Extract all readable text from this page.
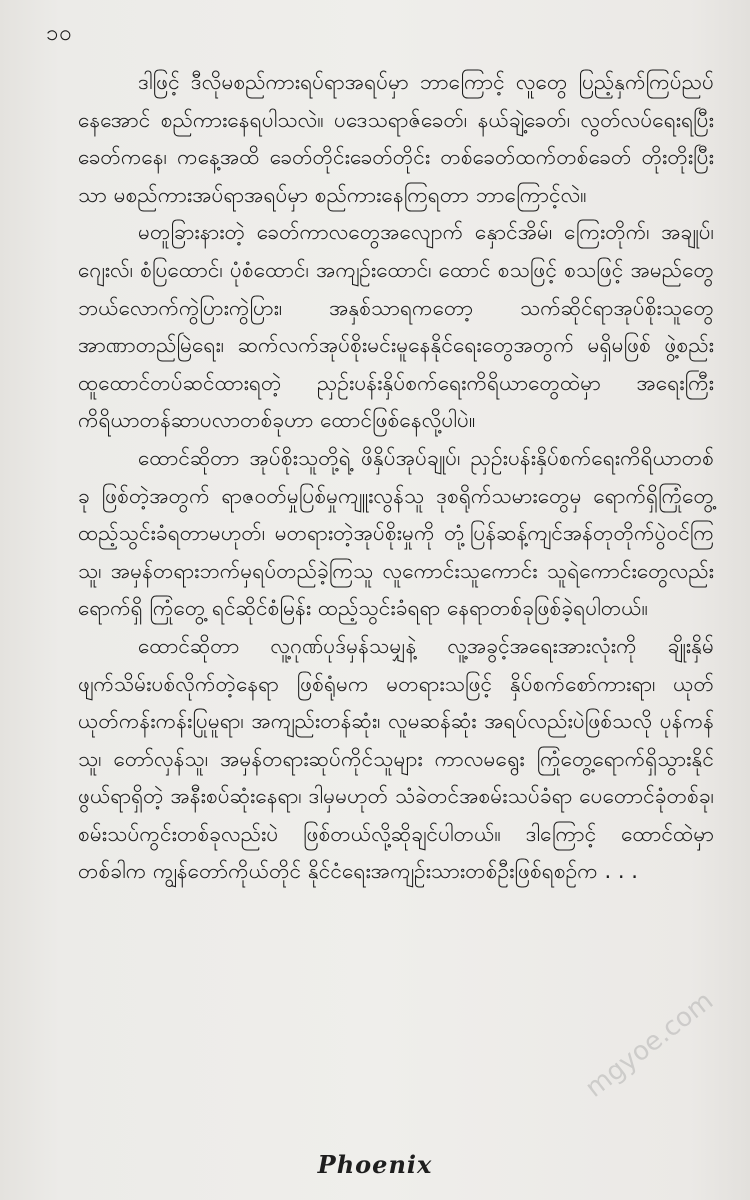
၁၀

ဒါဖြင့် ဒီလိုမစည်ကားရပ်ရာအရပ်မှာ ဘာကြောင့် လူတွေ ပြည့်နှက်ကြပ်ညပ်နေအောင် စည်ကားနေရပါသလဲ။ ပဒေသရာဇ်ခေတ်၊ နယ်ချဲ့ခေတ်၊ လွတ်လပ်ရေးရပြီးခေတ်ကနေ၊ ကနေ့အထိ ခေတ်တိုင်းခေတ်တိုင်း တစ်ခေတ်ထက်တစ်ခေတ် တိုးတိုးပြီးသာ မစည်ကားအပ်ရာအရပ်မှာ စည်ကားနေကြရတာ ဘာကြောင့်လဲ။

မတူခြားနားတဲ့ ခေတ်ကာလတွေအလျောက် နှောင်အိမ်၊ ကြေးတိုက်၊ အချုပ်၊ ဂျေးလ်၊ စံပြထောင်၊ ပုံစံထောင်၊ အကျဉ်းထောင်၊ ထောင် စသဖြင့် စသဖြင့် အမည်တွေဘယ်လောက်ကွဲပြားကွဲပြား၊ အနှစ်သာရကတော့ သက်ဆိုင်ရာအုပ်စိုးသူတွေ အာဏာတည်မြဲရေး၊ ဆက်လက်အုပ်စိုးမင်းမူနေနိုင်ရေးတွေအတွက် မရှိမဖြစ် ဖွဲ့စည်းထူထောင်တပ်ဆင်ထားရတဲ့ ညှဉ်းပန်းနှိပ်စက်ရေးကိရိယာတွေထဲမှာ အရေးကြီး ကိရိယာတန်ဆာပလာတစ်ခုဟာ ထောင်ဖြစ်နေလို့ပါပဲ။

ထောင်ဆိုတာ အုပ်စိုးသူတို့ရဲ့ ဖိနှိပ်အုပ်ချုပ်၊ ညှဉ်းပန်းနှိပ်စက်ရေးကိရိယာတစ်ခု ဖြစ်တဲ့အတွက် ရာဇဝတ်မှုပြစ်မှုကျူးလွန်သူ ဒုစရိုက်သမားတွေမှ ရောက်ရှိကြုံတွေ့ ထည့်သွင်းခံရတာမဟုတ်၊ မတရားတဲ့အုပ်စိုးမှုကို တုံ့ပြန်ဆန့်ကျင်အန်တုတိုက်ပွဲဝင်ကြသူ၊ အမှန်တရားဘက်မှရပ်တည်ခဲ့ကြသူ လူကောင်းသူကောင်း သူရဲကောင်းတွေလည်း ရောက်ရှိ ကြုံတွေ့ ရင်ဆိုင်စံမြန်း ထည့်သွင်းခံရရာ နေရာတစ်ခုဖြစ်ခဲ့ရပါတယ်။

ထောင်ဆိုတာ လူ့ဂုဏ်ပုဒ်မှန်သမျှနဲ့ လူ့အခွင့်အရေးအားလုံးကို ချိုးနှိမ်ဖျက်သိမ်းပစ်လိုက်တဲ့နေရာ ဖြစ်ရုံမက မတရားသဖြင့် နှိပ်စက်စော်ကားရာ၊ ယုတ်ယုတ်ကန်းကန်းပြုမူရာ၊ အကျည်းတန်ဆုံး၊ လူမဆန်ဆုံး အရပ်လည်းပဲဖြစ်သလို ပုန်ကန်သူ၊ တော်လှန်သူ၊ အမှန်တရားဆုပ်ကိုင်သူများ ကာလမရွေး ကြုံတွေ့ရောက်ရှိသွားနိုင်ဖွယ်ရာရှိတဲ့ အနီးစပ်ဆုံးနေရာ၊ ဒါမှမဟုတ် သံခဲတင်အစမ်းသပ်ခံရာ ပေတောင်ခုံတစ်ခု၊ စမ်းသပ်ကွင်းတစ်ခုလည်းပဲ ဖြစ်တယ်လို့ဆိုချင်ပါတယ်။ ဒါကြောင့် ထောင်ထဲမှာ တစ်ခါက ကျွန်တော်ကိုယ်တိုင် နိုင်ငံရေးအကျဉ်းသားတစ်ဦးဖြစ်ရစဉ်က . . .

Phoenix
mgyoe.com
